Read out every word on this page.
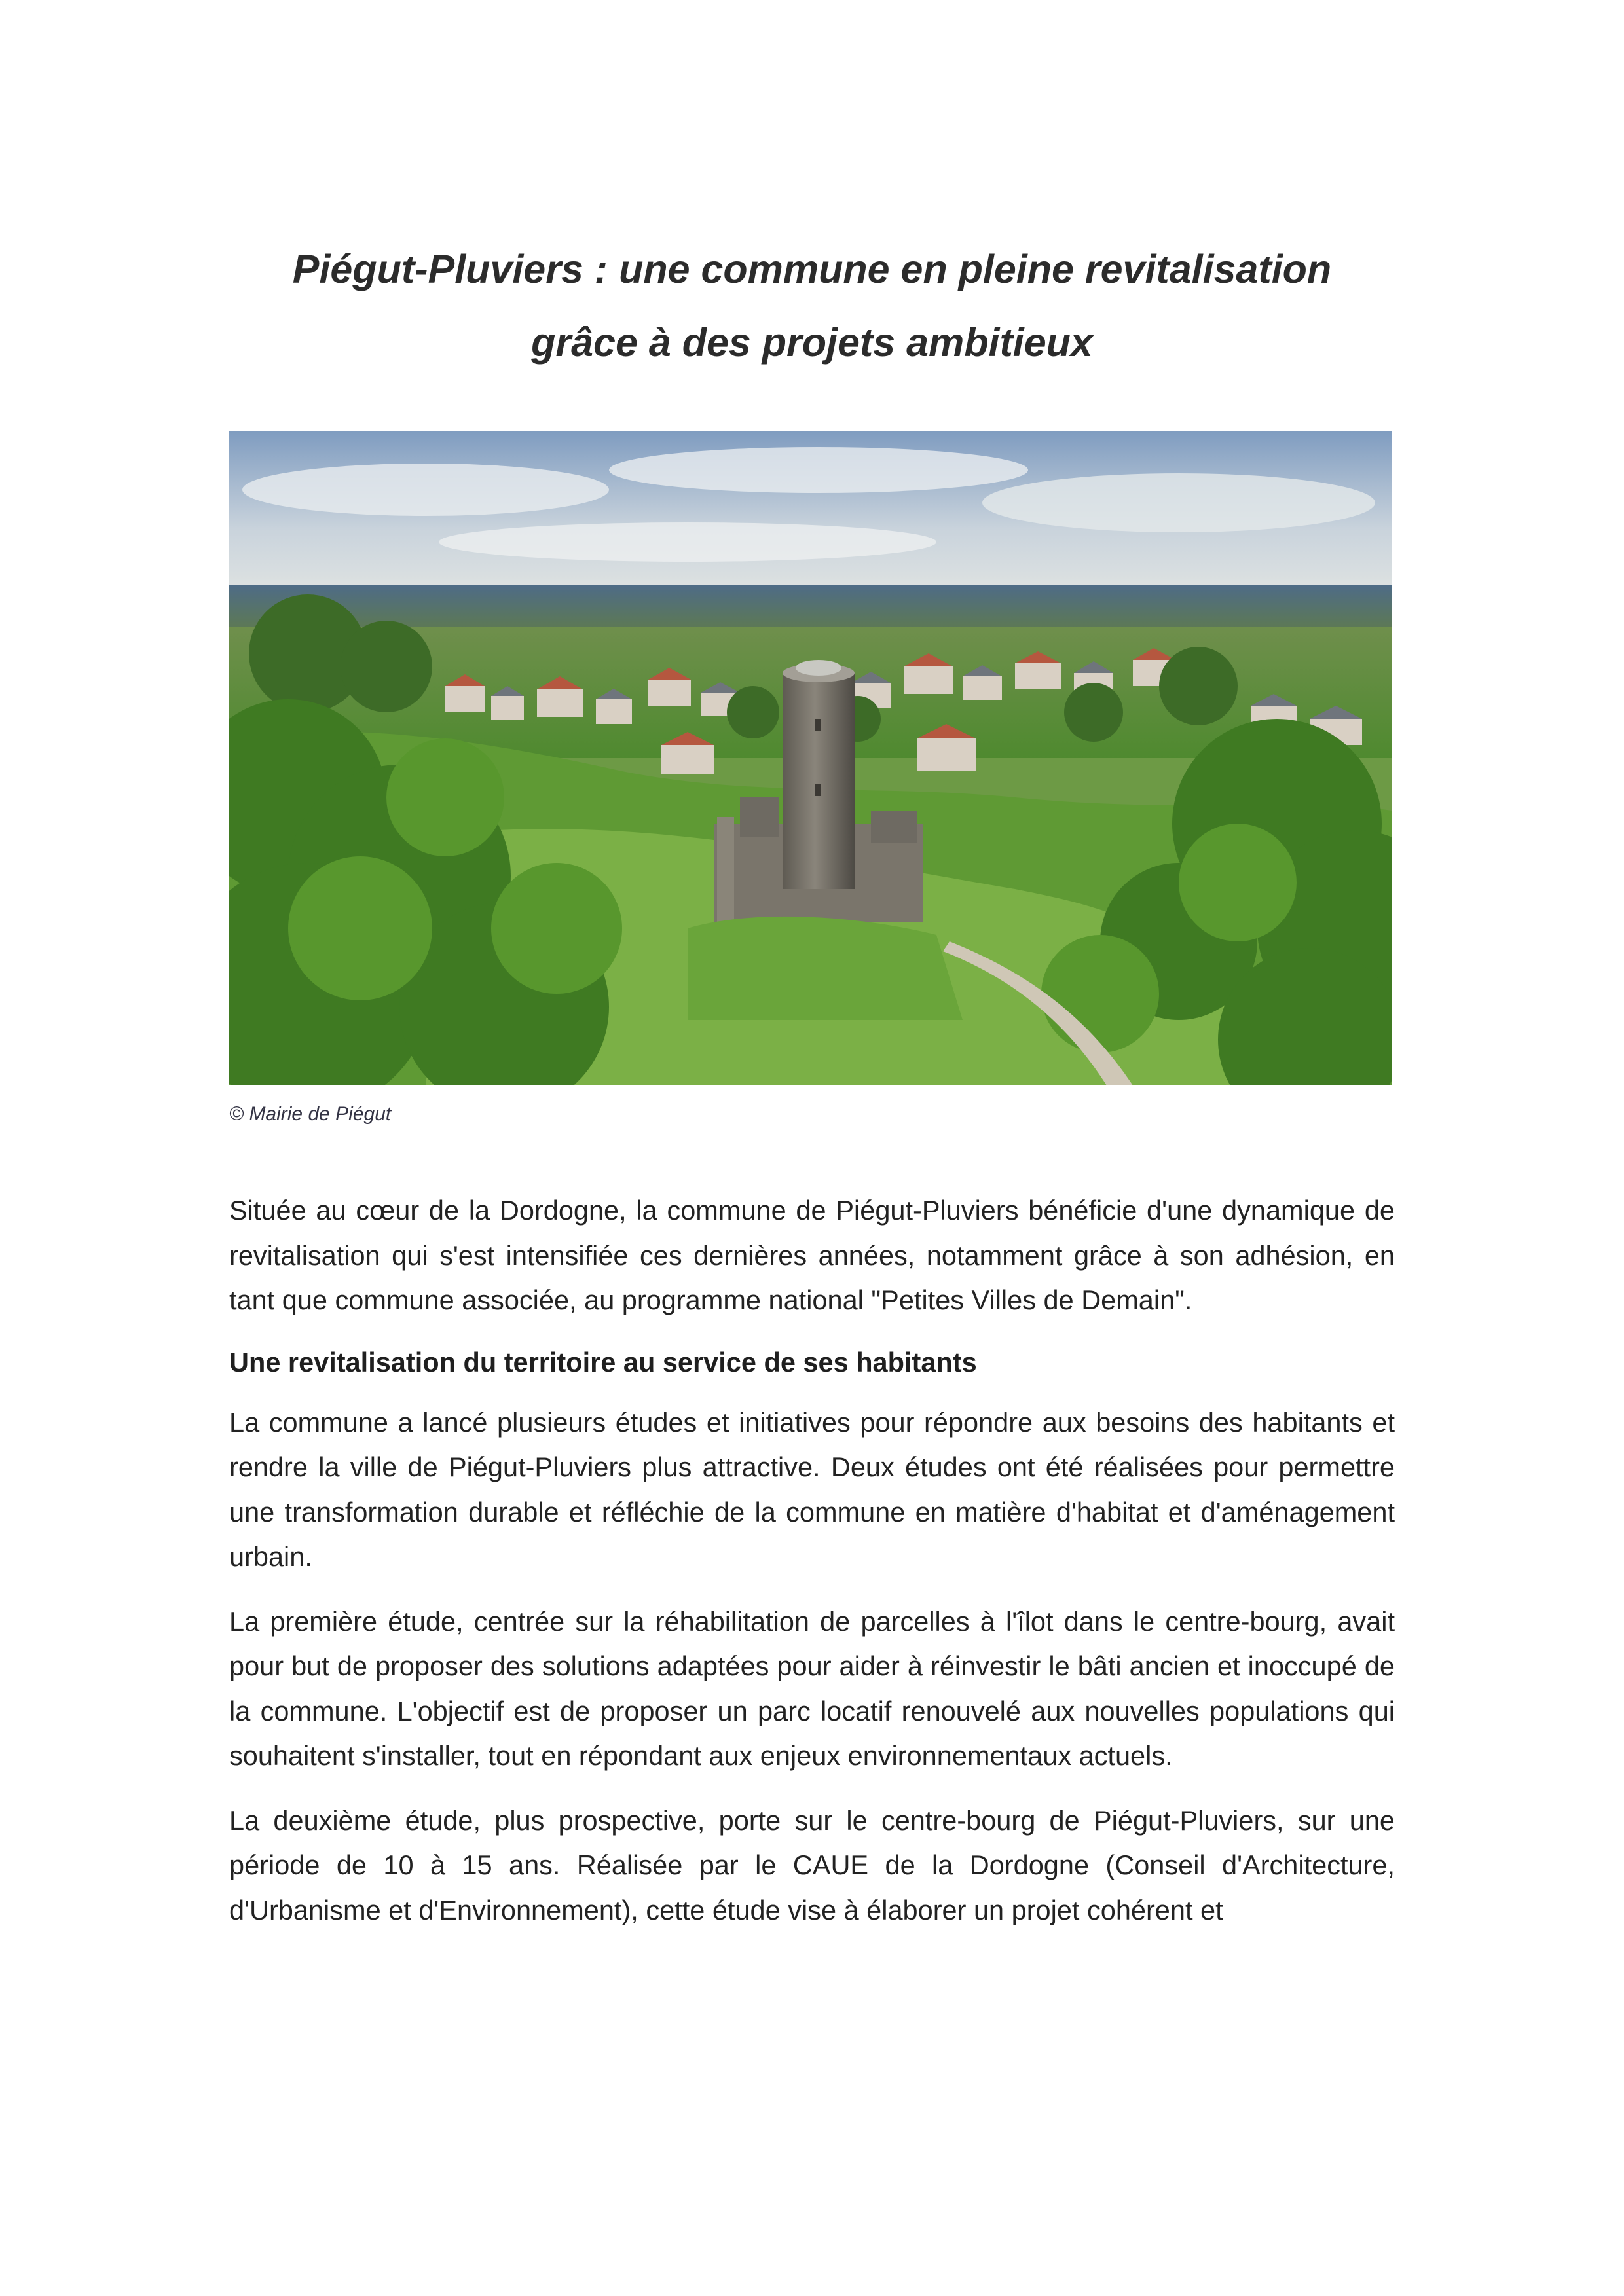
Piégut-Pluviers : une commune en pleine revitalisation
grâce à des projets ambitieux
© Mairie de Piégut

Située au cœur de la Dordogne, la commune de Piégut-Pluviers bénéficie d'une dynamique de revitalisation qui s'est intensifiée ces dernières années, notamment grâce à son adhésion, en tant que commune associée, au programme national "Petites Villes de Demain".

Une revitalisation du territoire au service de ses habitants

La commune a lancé plusieurs études et initiatives pour répondre aux besoins des habitants et rendre la ville de Piégut-Pluviers plus attractive. Deux études ont été réalisées pour permettre une transformation durable et réfléchie de la commune en matière d'habitat et d'aménagement urbain.

La première étude, centrée sur la réhabilitation de parcelles à l'îlot dans le centre-bourg, avait pour but de proposer des solutions adaptées pour aider à réinvestir le bâti ancien et inoccupé de la commune. L'objectif est de proposer un parc locatif renouvelé aux nouvelles populations qui souhaitent s'installer, tout en répondant aux enjeux environnementaux actuels.

La deuxième étude, plus prospective, porte sur le centre-bourg de Piégut-Pluviers, sur une période de 10 à 15 ans. Réalisée par le CAUE de la Dordogne (Conseil d'Architecture, d'Urbanisme et d'Environnement), cette étude vise à élaborer un projet cohérent et
